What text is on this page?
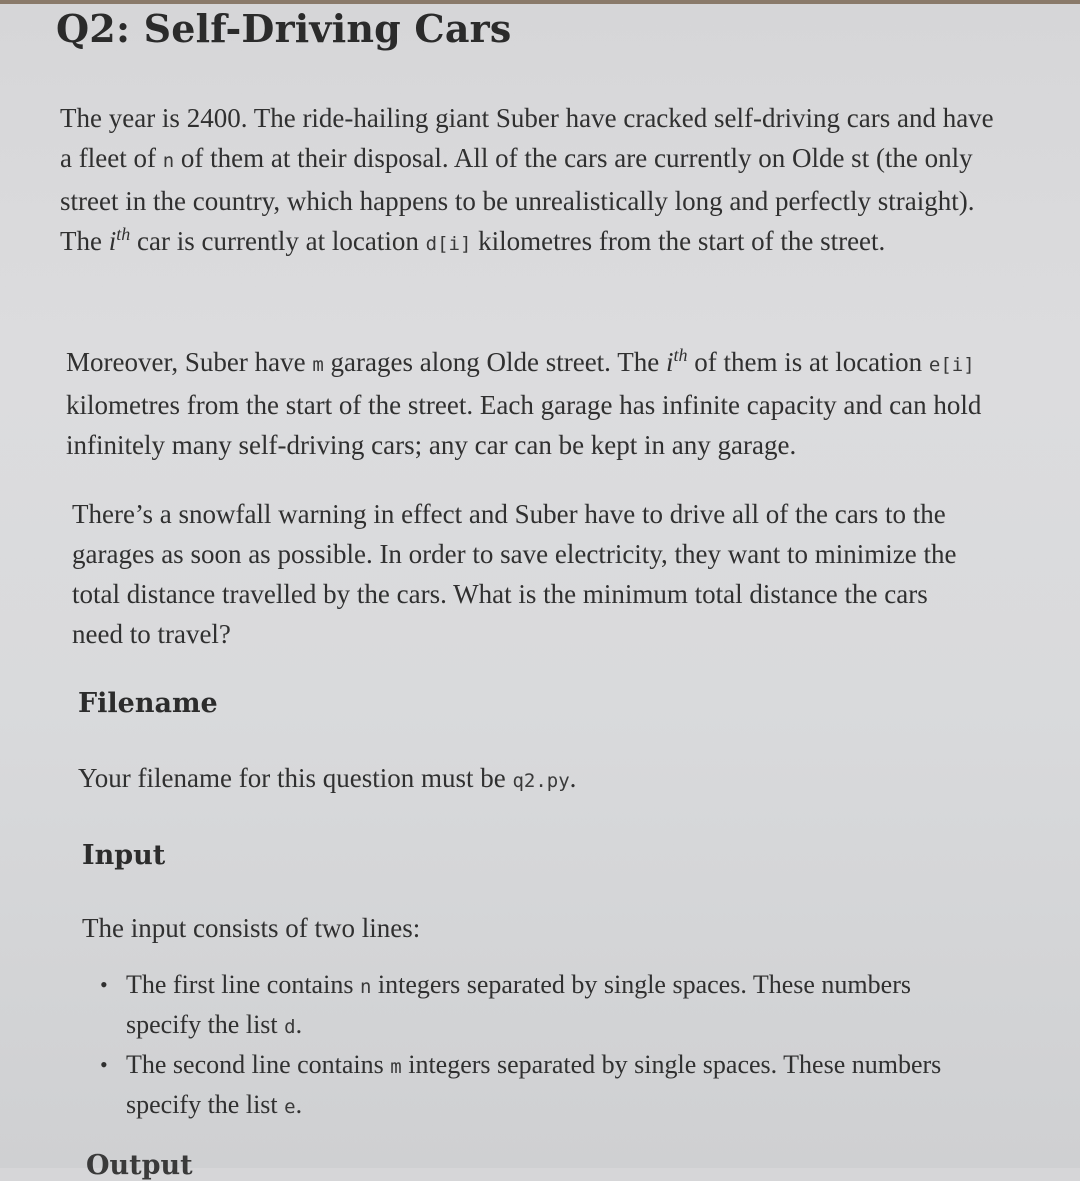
Q2: Self-Driving Cars

The year is 2400. The ride-hailing giant Suber have cracked self-driving cars and have a fleet of n of them at their disposal. All of the cars are currently on Olde st (the only street in the country, which happens to be unrealistically long and perfectly straight). The $i^{th}$ car is currently at location d[i] kilometres from the start of the street.

Moreover, Suber have m garages along Olde street. The $i^{th}$ of them is at location e[i] kilometres from the start of the street. Each garage has infinite capacity and can hold infinitely many self-driving cars; any car can be kept in any garage.

There’s a snowfall warning in effect and Suber have to drive all of the cars to the garages as soon as possible. In order to save electricity, they want to minimize the total distance travelled by the cars. What is the minimum total distance the cars need to travel?

Filename

Your filename for this question must be q2.py.

Input

The input consists of two lines:

• The first line contains n integers separated by single spaces. These numbers specify the list d.
• The second line contains m integers separated by single spaces. These numbers specify the list e.
Output
